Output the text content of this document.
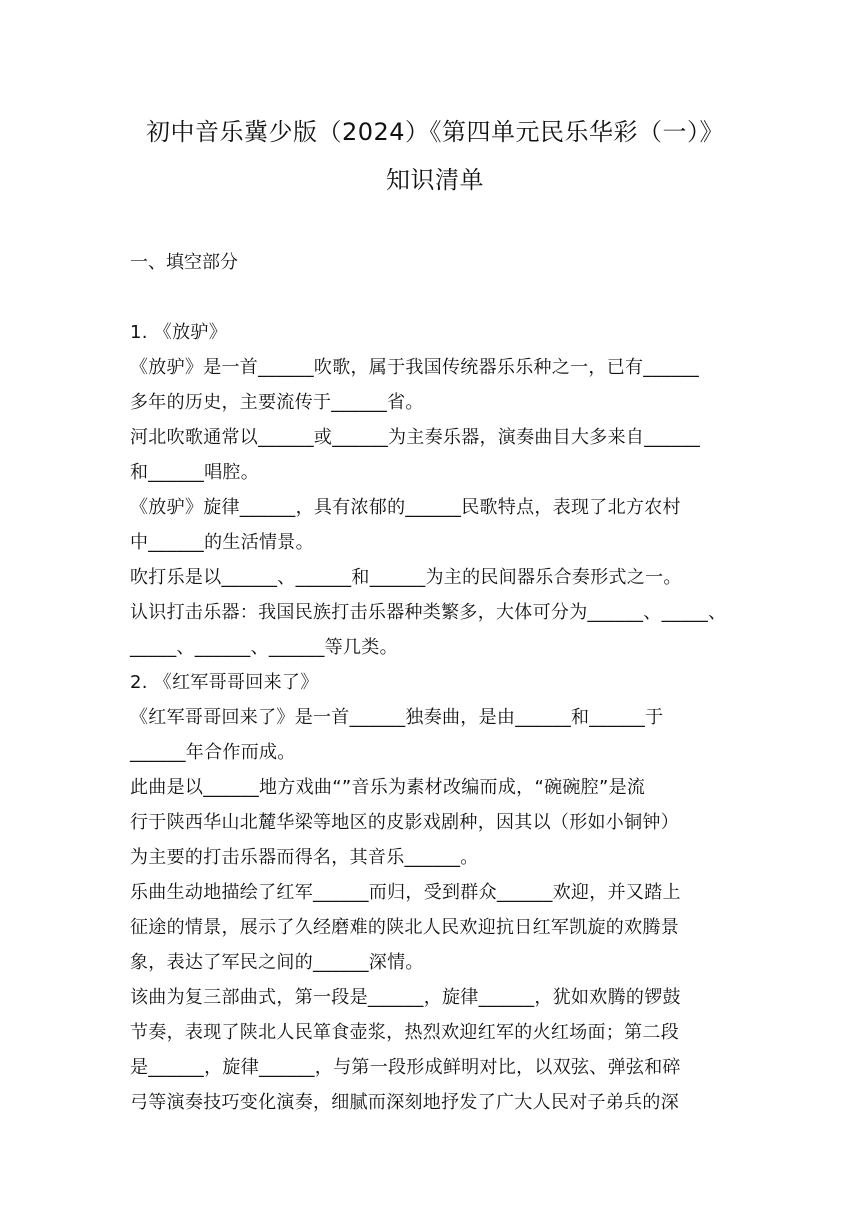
初中音乐冀少版（2024）《第四单元民乐华彩（一）》
知识清单
一、填空部分

1. 《放驴》

《放驴》是一首______吹歌，属于我国传统器乐乐种之一，已有______

多年的历史，主要流传于______省。

河北吹歌通常以______或______为主奏乐器，演奏曲目大多来自______

和______唱腔。

《放驴》旋律______，具有浓郁的______民歌特点，表现了北方农村

中______的生活情景。

吹打乐是以______、______和______为主的民间器乐合奏形式之一。

认识打击乐器：我国民族打击乐器种类繁多，大体可分为______、_____、

_____、______、______等几类。

2. 《红军哥哥回来了》

《红军哥哥回来了》是一首______独奏曲，是由______和______于

______年合作而成。

此曲是以______地方戏曲“”音乐为素材改编而成，“碗碗腔”是流

行于陕西华山北麓华梁等地区的皮影戏剧种，因其以（形如小铜钟）

为主要的打击乐器而得名，其音乐______。

乐曲生动地描绘了红军______而归，受到群众______欢迎，并又踏上

征途的情景，展示了久经磨难的陕北人民欢迎抗日红军凯旋的欢腾景

象，表达了军民之间的______深情。

该曲为复三部曲式，第一段是______，旋律______，犹如欢腾的锣鼓

节奏，表现了陕北人民箪食壶浆，热烈欢迎红军的火红场面；第二段

是______，旋律______，与第一段形成鲜明对比，以双弦、弹弦和碎

弓等演奏技巧变化演奏，细腻而深刻地抒发了广大人民对子弟兵的深
